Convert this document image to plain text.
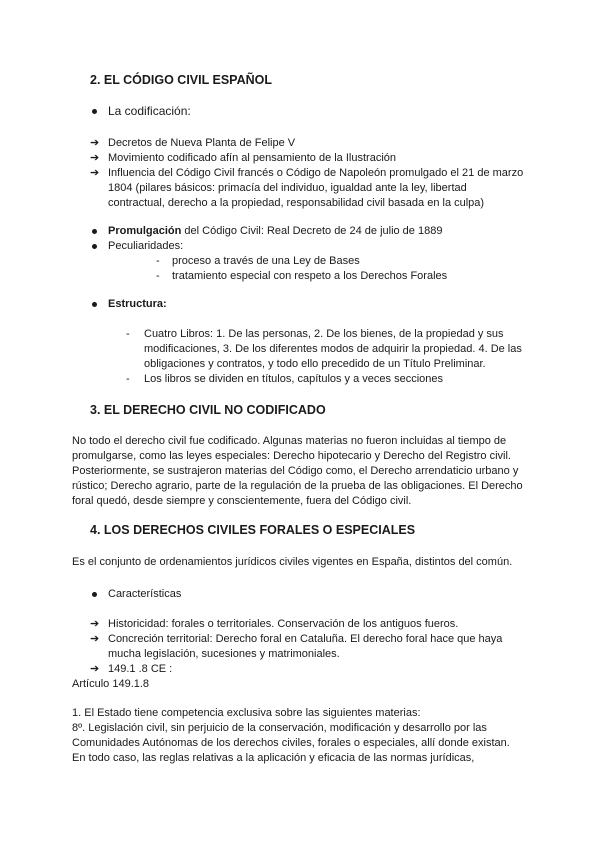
2. EL CÓDIGO CIVIL ESPAÑOL
La codificación:
➔ Decretos de Nueva Planta de Felipe V
➔ Movimiento codificado afín al pensamiento de la Ilustración
➔ Influencia del Código Civil francés o Código de Napoleón promulgado el 21 de marzo
1804 (pilares básicos: primacía del individuo, igualdad ante la ley, libertad
contractual, derecho a la propiedad, responsabilidad civil basada en la culpa)
Promulgación del Código Civil: Real Decreto de 24 de julio de 1889
Peculiaridades:
- proceso a través de una Ley de Bases
- tratamiento especial con respeto a los Derechos Forales
Estructura:
- Cuatro Libros: 1. De las personas, 2. De los bienes, de la propiedad y sus
modificaciones, 3. De los diferentes modos de adquirir la propiedad. 4. De las
obligaciones y contratos, y todo ello precedido de un Título Preliminar.
- Los libros se dividen en títulos, capítulos y a veces secciones
3. EL DERECHO CIVIL NO CODIFICADO
No todo el derecho civil fue codificado. Algunas materias no fueron incluidas al tiempo de
promulgarse, como las leyes especiales: Derecho hipotecario y Derecho del Registro civil.
Posteriormente, se sustrajeron materias del Código como, el Derecho arrendaticio urbano y
rústico; Derecho agrario, parte de la regulación de la prueba de las obligaciones. El Derecho
foral quedó, desde siempre y conscientemente, fuera del Código civil.
4. LOS DERECHOS CIVILES FORALES O ESPECIALES
Es el conjunto de ordenamientos jurídicos civiles vigentes en España, distintos del común.
Características
➔ Historicidad: forales o territoriales. Conservación de los antiguos fueros.
➔ Concreción territorial: Derecho foral en Cataluña. El derecho foral hace que haya
mucha legislación, sucesiones y matrimoniales.
➔ 149.1 .8 CE :
Artículo 149.1.8
1. El Estado tiene competencia exclusiva sobre las siguientes materias:
8º. Legislación civil, sin perjuicio de la conservación, modificación y desarrollo por las
Comunidades Autónomas de los derechos civiles, forales o especiales, allí donde existan.
En todo caso, las reglas relativas a la aplicación y eficacia de las normas jurídicas,
